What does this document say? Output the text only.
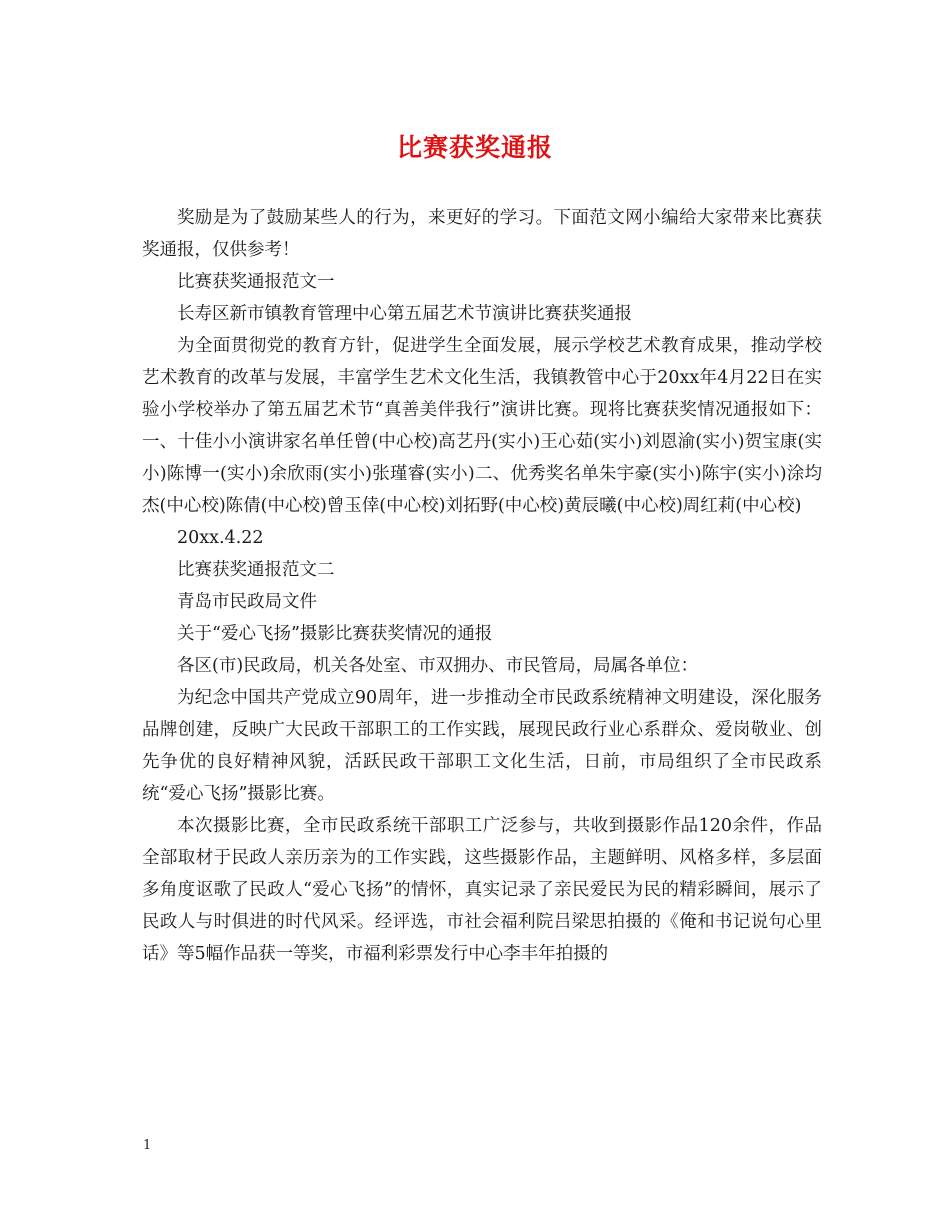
比赛获奖通报

奖励是为了鼓励某些人的行为，来更好的学习。下面范文网小编给大家带来比赛获奖通报，仅供参考！

比赛获奖通报范文一

长寿区新市镇教育管理中心第五届艺术节演讲比赛获奖通报

为全面贯彻党的教育方针，促进学生全面发展，展示学校艺术教育成果，推动学校艺术教育的改革与发展，丰富学生艺术文化生活，我镇教管中心于20xx年4月22日在实验小学校举办了第五届艺术节“真善美伴我行”演讲比赛。现将比赛获奖情况通报如下：一、十佳小小演讲家名单任曾(中心校)高艺丹(实小)王心茹(实小)刘恩渝(实小)贺宝康(实小)陈博一(实小)余欣雨(实小)张瑾睿(实小)二、优秀奖名单朱宇豪(实小)陈宇(实小)涂均杰(中心校)陈倩(中心校)曾玉倖(中心校)刘拓野(中心校)黄辰曦(中心校)周红莉(中心校)

20xx.4.22

比赛获奖通报范文二

青岛市民政局文件

关于“爱心飞扬”摄影比赛获奖情况的通报

各区(市)民政局，机关各处室、市双拥办、市民管局，局属各单位：

为纪念中国共产党成立90周年，进一步推动全市民政系统精神文明建设，深化服务品牌创建，反映广大民政干部职工的工作实践，展现民政行业心系群众、爱岗敬业、创先争优的良好精神风貌，活跃民政干部职工文化生活，日前，市局组织了全市民政系统“爱心飞扬”摄影比赛。

本次摄影比赛，全市民政系统干部职工广泛参与，共收到摄影作品120余件，作品全部取材于民政人亲历亲为的工作实践，这些摄影作品，主题鲜明、风格多样，多层面多角度讴歌了民政人“爱心飞扬”的情怀，真实记录了亲民爱民为民的精彩瞬间，展示了民政人与时俱进的时代风采。经评选，市社会福利院吕梁思拍摄的《俺和书记说句心里话》等5幅作品获一等奖，市福利彩票发行中心李丰年拍摄的

1
